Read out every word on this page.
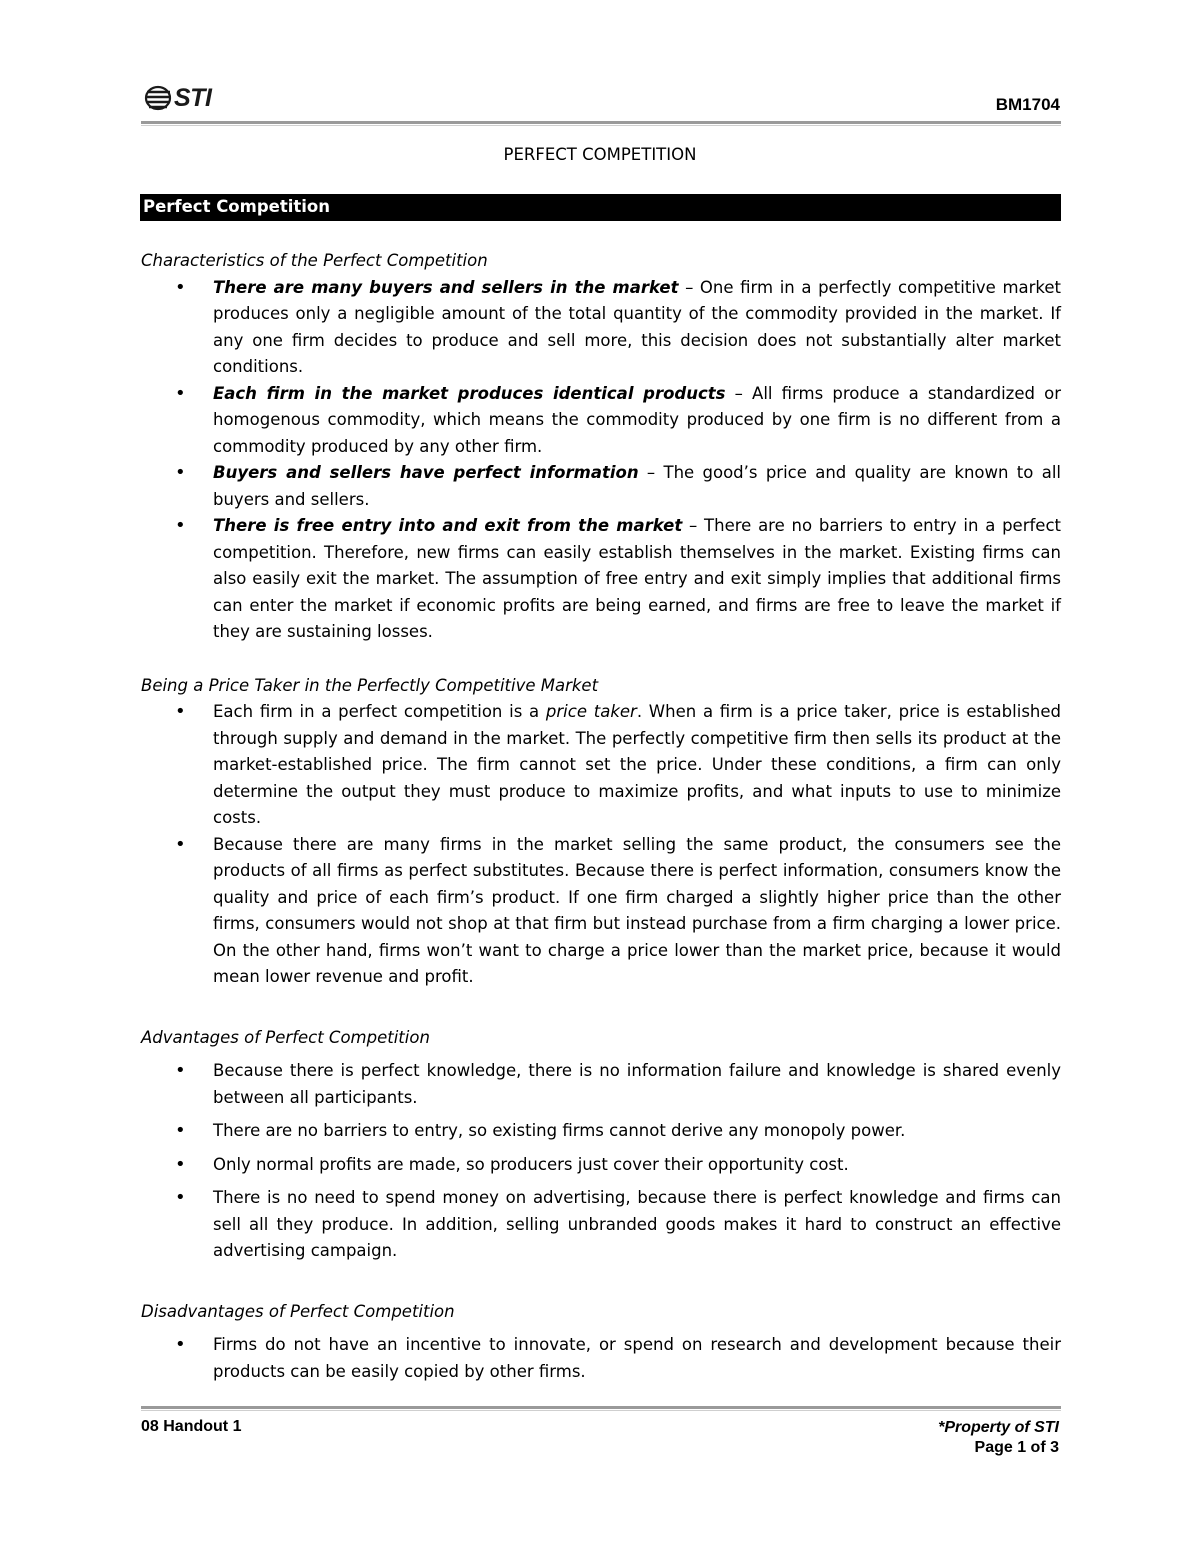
STI	BM1704
PERFECT COMPETITION
Perfect Competition

Characteristics of the Perfect Competition

• There are many buyers and sellers in the market – One firm in a perfectly competitive market produces only a negligible amount of the total quantity of the commodity provided in the market. If any one firm decides to produce and sell more, this decision does not substantially alter market conditions.
• Each firm in the market produces identical products – All firms produce a standardized or homogenous commodity, which means the commodity produced by one firm is no different from a commodity produced by any other firm.
• Buyers and sellers have perfect information – The good’s price and quality are known to all buyers and sellers.
• There is free entry into and exit from the market – There are no barriers to entry in a perfect competition. Therefore, new firms can easily establish themselves in the market. Existing firms can also easily exit the market. The assumption of free entry and exit simply implies that additional firms can enter the market if economic profits are being earned, and firms are free to leave the market if they are sustaining losses.

Being a Price Taker in the Perfectly Competitive Market

• Each firm in a perfect competition is a price taker. When a firm is a price taker, price is established through supply and demand in the market. The perfectly competitive firm then sells its product at the market-established price. The firm cannot set the price. Under these conditions, a firm can only determine the output they must produce to maximize profits, and what inputs to use to minimize costs.
• Because there are many firms in the market selling the same product, the consumers see the products of all firms as perfect substitutes. Because there is perfect information, consumers know the quality and price of each firm’s product. If one firm charged a slightly higher price than the other firms, consumers would not shop at that firm but instead purchase from a firm charging a lower price. On the other hand, firms won’t want to charge a price lower than the market price, because it would mean lower revenue and profit.

Advantages of Perfect Competition

• Because there is perfect knowledge, there is no information failure and knowledge is shared evenly between all participants.
• There are no barriers to entry, so existing firms cannot derive any monopoly power.
• Only normal profits are made, so producers just cover their opportunity cost.
• There is no need to spend money on advertising, because there is perfect knowledge and firms can sell all they produce. In addition, selling unbranded goods makes it hard to construct an effective advertising campaign.

Disadvantages of Perfect Competition

• Firms do not have an incentive to innovate, or spend on research and development because their products can be easily copied by other firms.
08 Handout 1	*Property of STI
Page 1 of 3
